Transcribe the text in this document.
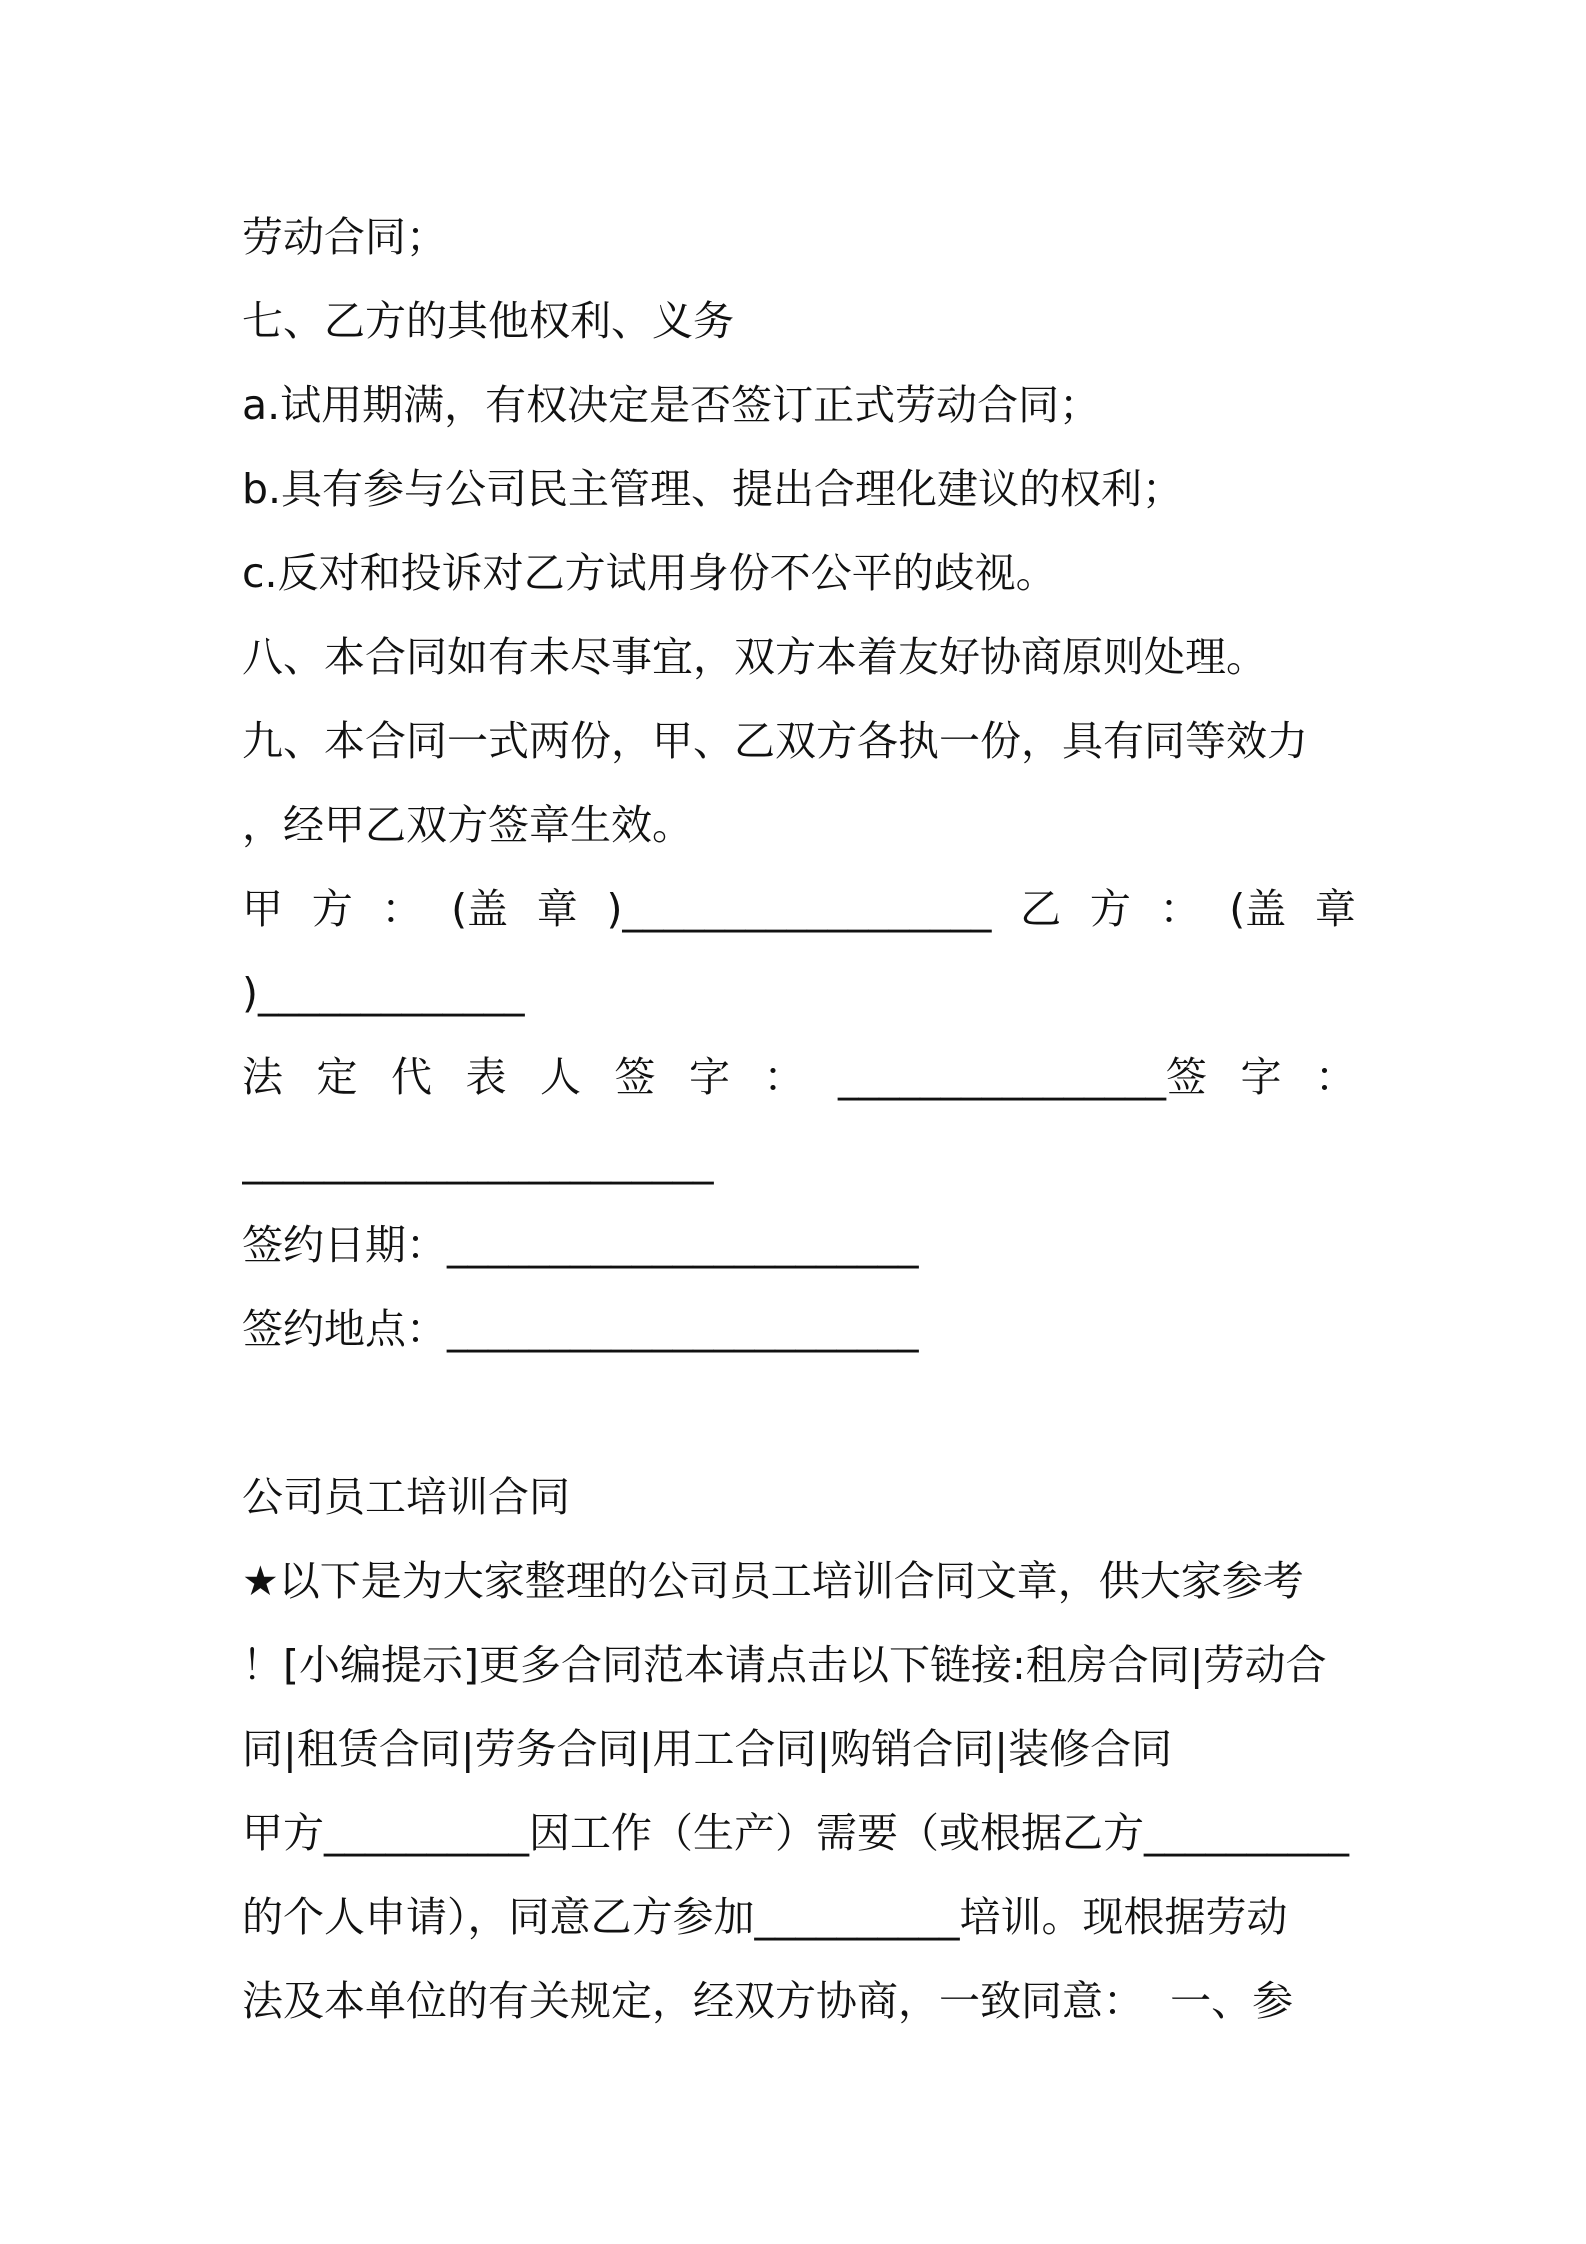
劳动合同；
七、乙方的其他权利、义务
a.试用期满，有权决定是否签订正式劳动合同；
b.具有参与公司民主管理、提出合理化建议的权利；
c.反对和投诉对乙方试用身份不公平的歧视。
八、本合同如有未尽事宜，双方本着友好协商原则处理。
九、本合同一式两份，甲、乙双方各执一份，具有同等效力
，经甲乙双方签章生效。
甲 方 ： (盖 章 )__________________ 乙 方 ： (盖 章
)_____________
法 定 代 表 人 签 字 ： ________________签 字 ：
_______________________
签约日期：_______________________
签约地点：_______________________
公司员工培训合同
★以下是为大家整理的公司员工培训合同文章，供大家参考
！[小编提示]更多合同范本请点击以下链接:租房合同|劳动合
同|租赁合同|劳务合同|用工合同|购销合同|装修合同
甲方__________因工作（生产）需要（或根据乙方__________
的个人申请），同意乙方参加__________培训。现根据劳动
法及本单位的有关规定，经双方协商，一致同意：  一、参
